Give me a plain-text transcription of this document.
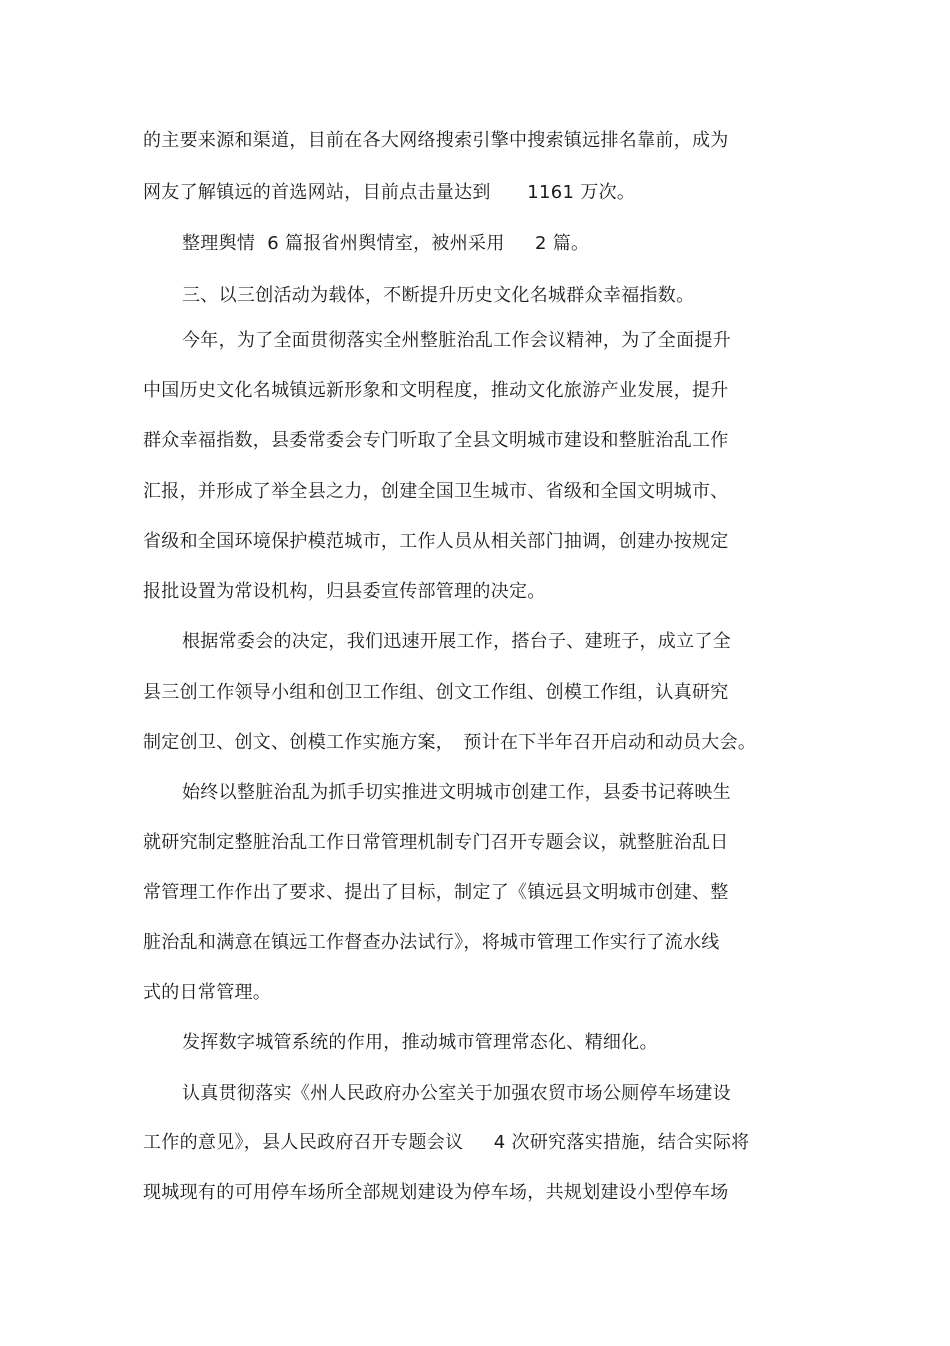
的主要来源和渠道，目前在各大网络搜索引擎中搜索镇远排名靠前，成为
网友了解镇远的首选网站，目前点击量达到　　1161 万次。
整理舆情  6 篇报省州舆情室，被州采用　  2 篇。
三、以三创活动为载体，不断提升历史文化名城群众幸福指数。
今年，为了全面贯彻落实全州整脏治乱工作会议精神，为了全面提升
中国历史文化名城镇远新形象和文明程度，推动文化旅游产业发展，提升
群众幸福指数，县委常委会专门听取了全县文明城市建设和整脏治乱工作
汇报，并形成了举全县之力，创建全国卫生城市、省级和全国文明城市、
省级和全国环境保护模范城市，工作人员从相关部门抽调，创建办按规定
报批设置为常设机构，归县委宣传部管理的决定。
根据常委会的决定，我们迅速开展工作，搭台子、建班子，成立了全
县三创工作领导小组和创卫工作组、创文工作组、创模工作组，认真研究
制定创卫、创文、创模工作实施方案，　预计在下半年召开启动和动员大会。
始终以整脏治乱为抓手切实推进文明城市创建工作，县委书记蒋映生
就研究制定整脏治乱工作日常管理机制专门召开专题会议，就整脏治乱日
常管理工作作出了要求、提出了目标，制定了《镇远县文明城市创建、整
脏治乱和满意在镇远工作督查办法试行》，将城市管理工作实行了流水线
式的日常管理。
发挥数字城管系统的作用，推动城市管理常态化、精细化。
认真贯彻落实《州人民政府办公室关于加强农贸市场公厕停车场建设
工作的意见》，县人民政府召开专题会议　  4 次研究落实措施，结合实际将
现城现有的可用停车场所全部规划建设为停车场，共规划建设小型停车场
